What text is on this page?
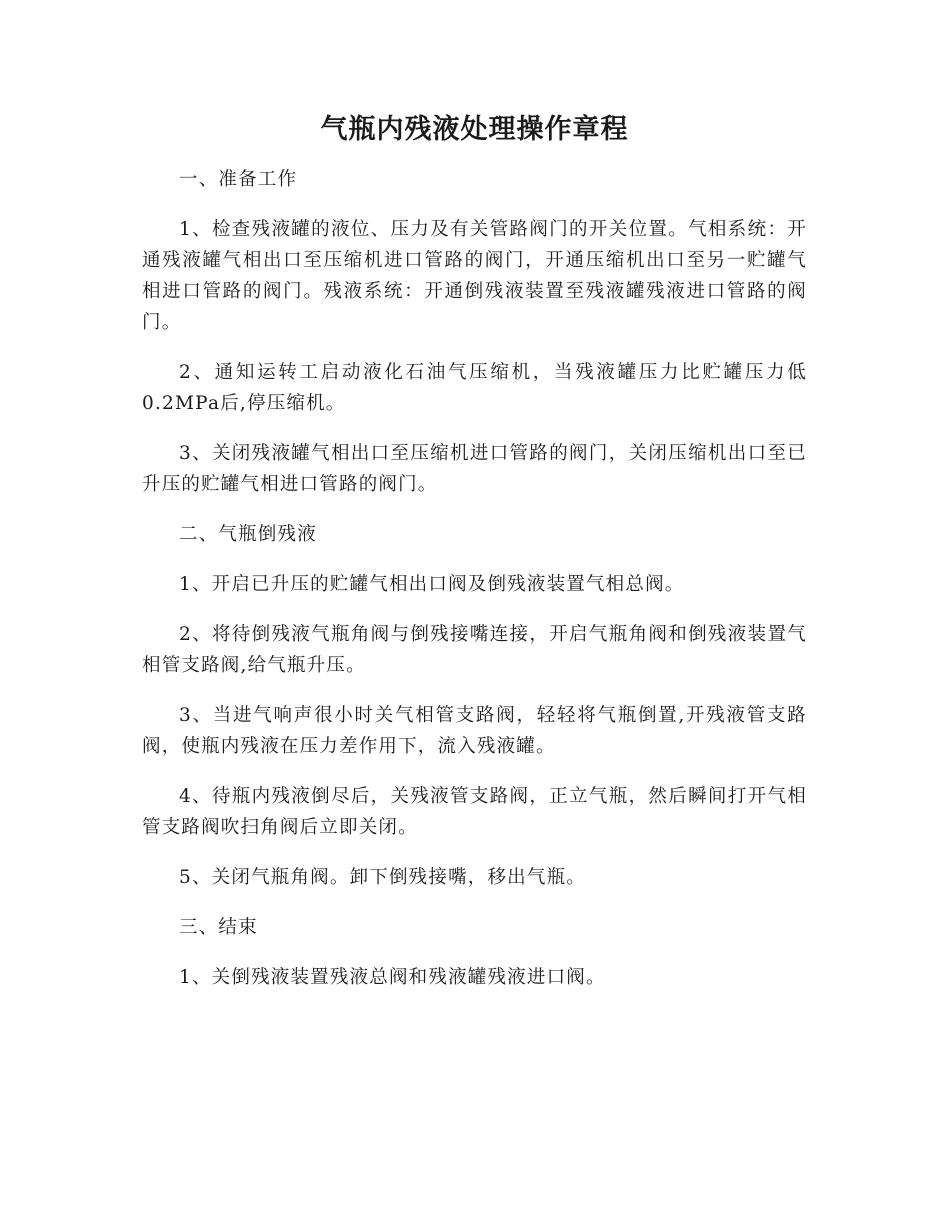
气瓶内残液处理操作章程

一、准备工作

1、检查残液罐的液位、压力及有关管路阀门的开关位置。气相系统：开通残液罐气相出口至压缩机进口管路的阀门，开通压缩机出口至另一贮罐气相进口管路的阀门。残液系统：开通倒残液装置至残液罐残液进口管路的阀门。

2、通知运转工启动液化石油气压缩机，当残液罐压力比贮罐压力低0.2MPa后,停压缩机。

3、关闭残液罐气相出口至压缩机进口管路的阀门，关闭压缩机出口至已升压的贮罐气相进口管路的阀门。

二、气瓶倒残液

1、开启已升压的贮罐气相出口阀及倒残液装置气相总阀。

2、将待倒残液气瓶角阀与倒残接嘴连接，开启气瓶角阀和倒残液装置气相管支路阀,给气瓶升压。

3、当进气响声很小时关气相管支路阀，轻轻将气瓶倒置,开残液管支路阀，使瓶内残液在压力差作用下，流入残液罐。

4、待瓶内残液倒尽后，关残液管支路阀，正立气瓶，然后瞬间打开气相管支路阀吹扫角阀后立即关闭。

5、关闭气瓶角阀。卸下倒残接嘴，移出气瓶。

三、结束

1、关倒残液装置残液总阀和残液罐残液进口阀。
